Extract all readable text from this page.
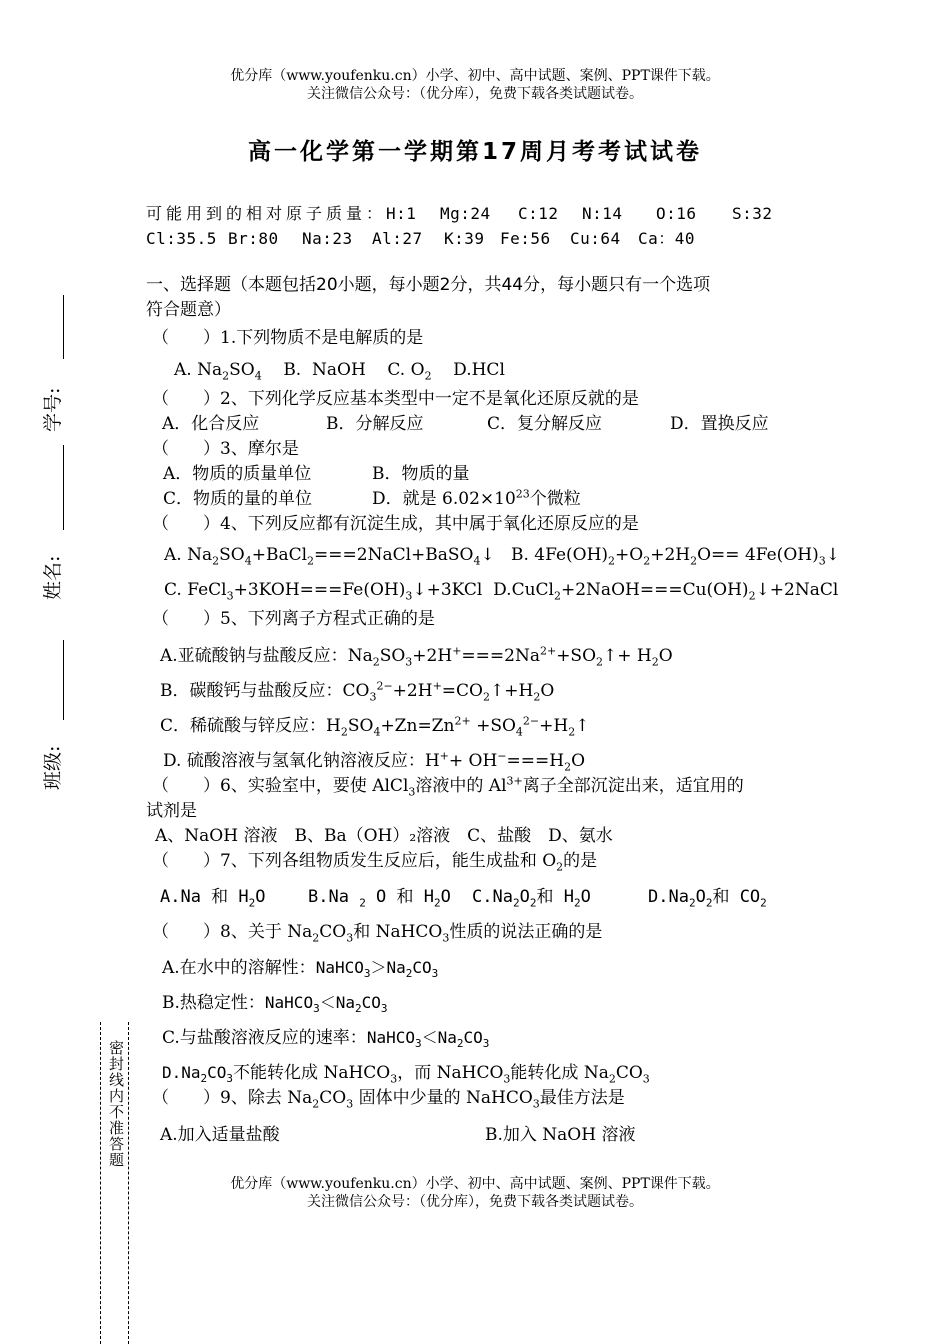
优分库（www.youfenku.cn）小学、初中、高中试题、案例、PPT课件下载。
关注微信公众号：（优分库），免费下载各类试题试卷。
高一化学第一学期第17周月考考试试卷
可能用到的相对原子质量：H:1 Mg:24 C:12 N:14 O:16 S:32
Cl:35.5 Br:80 Na:23 Al:27 K:39 Fe:56 Cu:64 Ca：40
学号:
姓名:
班级:
密封线内不准答题
一、选择题（本题包括20小题，每小题2分，共44分，每小题只有一个选项
符合题意）
（　　）1.下列物质不是电解质的是
A. $Na_2SO_4$    B.  NaOH    C. $O_2$    D.HCl
（　　）2、下列化学反应基本类型中一定不是氧化还原反就的是
A．化合反应	B．分解反应	C．复分解反应	D．置换反应
（　　）3、摩尔是
A．物质的质量单位	B．物质的量
C．物质的量的单位	D．就是 $6.02\times 10^{23}$个微粒
（　　）4、下列反应都有沉淀生成，其中属于氧化还原反应的是
A. $Na_2SO_4+BaCl_2===2NaCl+BaSO_4↓$   B. $4Fe(OH)_2+O_2+2H_2O==$ $4Fe(OH)_3↓$
C. $FeCl_3+3KOH===Fe(OH)_3↓+3KCl$  $D.CuCl_2+2NaOH===Cu(OH)_2↓+2NaCl$
（　　）5、下列离子方程式正确的是
A.亚硫酸钠与盐酸反应：$Na_2SO_3+2H^+===2Na^{2+}+SO_2↑+ H_2O$
B．碳酸钙与盐酸反应：$CO_3^{2-}+2H^+=CO_2↑+H_2O$
C．稀硫酸与锌反应：$H_2SO_4+Zn=Zn^{2+}$ $+SO_4^{2-}+H_2↑$
D. 硫酸溶液与氢氧化钠溶液反应：$H^++ OH^-===H_2O$
（　　）6、实验室中，要使 AlCl$_3$溶液中的 $Al^{3+}$离子全部沉淀出来，适宜用的
试剂是
A、NaOH 溶液　B、Ba（OH）₂溶液　C、盐酸　D、氨水
（　　）7、下列各组物质发生反应后，能生成盐和 $O_2$的是
A.Na 和 $H_2O$ B.Na $_2$ O 和 $H_2O$ $C.Na_2O_2$和 $H_2O$	$D.Na_2O_2$和 $CO_2$
（　　）8、关于 $Na_2CO_3$和 NaHCO$_3$性质的说法正确的是
A.在水中的溶解性：$NaHCO_3>Na_2CO_3$
B.热稳定性：$NaHCO_3<Na_2CO_3$
C.与盐酸溶液反应的速率：$NaHCO_3<Na_2CO_3$
$D.Na_2CO_3$不能转化成 NaHCO$_3$，而 NaHCO$_3$能转化成 $Na_2CO_3$
（　　）9、除去 $Na_2CO_3$ 固体中少量的 NaHCO$_3$最佳方法是
A.加入适量盐酸	B.加入 NaOH 溶液
优分库（www.youfenku.cn）小学、初中、高中试题、案例、PPT课件下载。
关注微信公众号：（优分库），免费下载各类试题试卷。
